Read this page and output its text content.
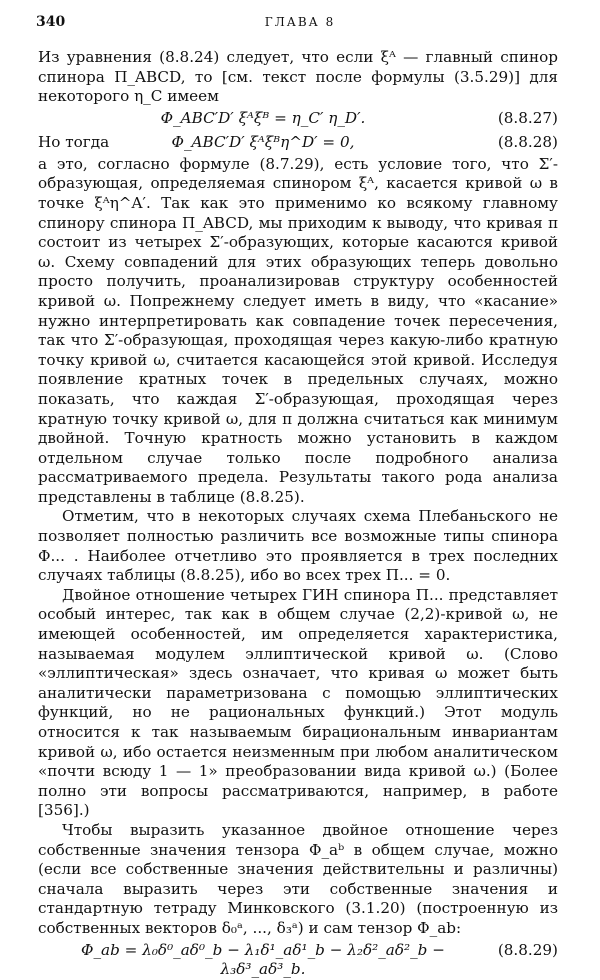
340	ГЛАВА 8

Из уравнения (8.8.24) следует, что если ξᴬ — главный спинор спинора Π_ABCD, то [см. текст после формулы (3.5.29)] для некоторого η_C имеем

Φ_ABC′D′ ξᴬξᴮ = η_C′ η_D′.	(8.8.27)
Но тогда	Φ_ABC′D′ ξᴬξᴮη^D′ = 0,	(8.8.28)

а это, согласно формуле (8.7.29), есть условие того, что Σ′-образующая, определяемая спинором ξᴬ, касается кривой ω в точке ξᴬη^A′. Так как это применимо ко всякому главному спинору спинора Π_ABCD, мы приходим к выводу, что кривая π состоит из четырех Σ′-образующих, которые касаются кривой ω. Схему совпадений для этих образующих теперь довольно просто получить, проанализировав структуру особенностей кривой ω. Попрежнему следует иметь в виду, что «касание» нужно интерпретировать как совпадение точек пересечения, так что Σ′-образующая, проходящая через какую-либо кратную точку кривой ω, считается касающейся этой кривой. Исследуя появление кратных точек в предельных случаях, можно показать, что каждая Σ′-образующая, проходящая через кратную точку кривой ω, для π должна считаться как минимум двойной. Точную кратность можно установить в каждом отдельном случае только после подробного анализа рассматриваемого предела. Результаты такого рода анализа представлены в таблице (8.8.25).

Отметим, что в некоторых случаях схема Плебаньского не позволяет полностью различить все возможные типы спинора Φ... . Наиболее отчетливо это проявляется в трех последних случаях таблицы (8.8.25), ибо во всех трех Π... = 0.

Двойное отношение четырех ГИН спинора Π... представляет особый интерес, так как в общем случае (2,2)-кривой ω, не имеющей особенностей, им определяется характеристика, называемая модулем эллиптической кривой ω. (Слово «эллиптическая» здесь означает, что кривая ω может быть аналитически параметризована с помощью эллиптических функций, но не рациональных функций.) Этот модуль относится к так называемым бирациональным инвариантам кривой ω, ибо остается неизменным при любом аналитическом «почти всюду 1 — 1» преобразовании вида кривой ω.) (Более полно эти вопросы рассматриваются, например, в работе [356].)

Чтобы выразить указанное двойное отношение через собственные значения тензора Φ_aᵇ в общем случае, можно (если все собственные значения действительны и различны) сначала выразить через эти собственные значения и стандартную тетраду Минковского (3.1.20) (построенную из собственных векторов δ₀ᵃ, ..., δ₃ᵃ) и сам тензор Φ_ab:

Φ_ab = λ₀δ⁰_aδ⁰_b − λ₁δ¹_aδ¹_b − λ₂δ²_aδ²_b − λ₃δ³_aδ³_b.
(8.8.29)
